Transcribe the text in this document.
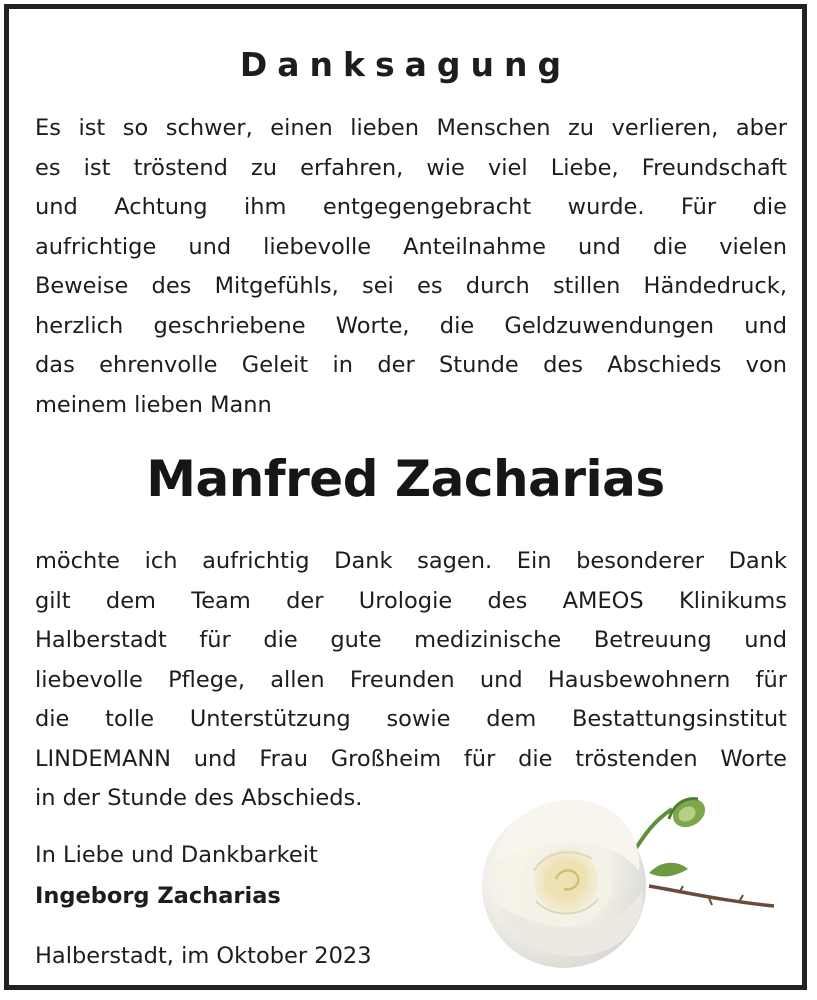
Danksagung
Es ist so schwer, einen lieben Menschen zu verlieren, aber
es ist tröstend zu erfahren, wie viel Liebe, Freundschaft
und Achtung ihm entgegengebracht wurde. Für die
aufrichtige und liebevolle Anteilnahme und die vielen
Beweise des Mitgefühls, sei es durch stillen Händedruck,
herzlich geschriebene Worte, die Geldzuwendungen und
das ehrenvolle Geleit in der Stunde des Abschieds von
meinem lieben Mann
Manfred Zacharias
möchte ich aufrichtig Dank sagen. Ein besonderer Dank
gilt dem Team der Urologie des AMEOS Klinikums
Halberstadt für die gute medizinische Betreuung und
liebevolle Pflege, allen Freunden und Hausbewohnern für
die tolle Unterstützung sowie dem Bestattungsinstitut
LINDEMANN und Frau Großheim für die tröstenden Worte
in der Stunde des Abschieds.
In Liebe und Dankbarkeit
Ingeborg Zacharias
Halberstadt, im Oktober 2023
